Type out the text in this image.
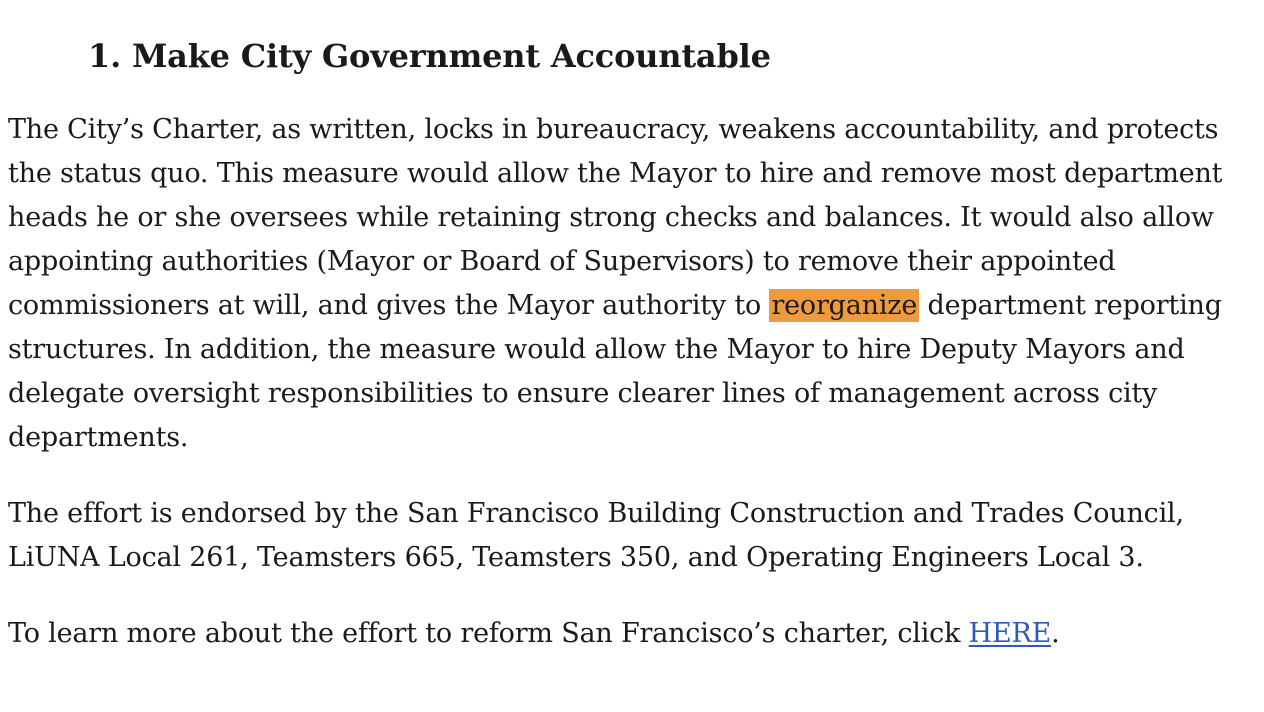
1. Make City Government Accountable

The City’s Charter, as written, locks in bureaucracy, weakens accountability, and protects the status quo. This measure would allow the Mayor to hire and remove most department heads he or she oversees while retaining strong checks and balances. It would also allow appointing authorities (Mayor or Board of Supervisors) to remove their appointed commissioners at will, and gives the Mayor authority to reorganize department reporting structures. In addition, the measure would allow the Mayor to hire Deputy Mayors and delegate oversight responsibilities to ensure clearer lines of management across city departments.

The effort is endorsed by the San Francisco Building Construction and Trades Council, LiUNA Local 261, Teamsters 665, Teamsters 350, and Operating Engineers Local 3.

To learn more about the effort to reform San Francisco’s charter, click HERE.
